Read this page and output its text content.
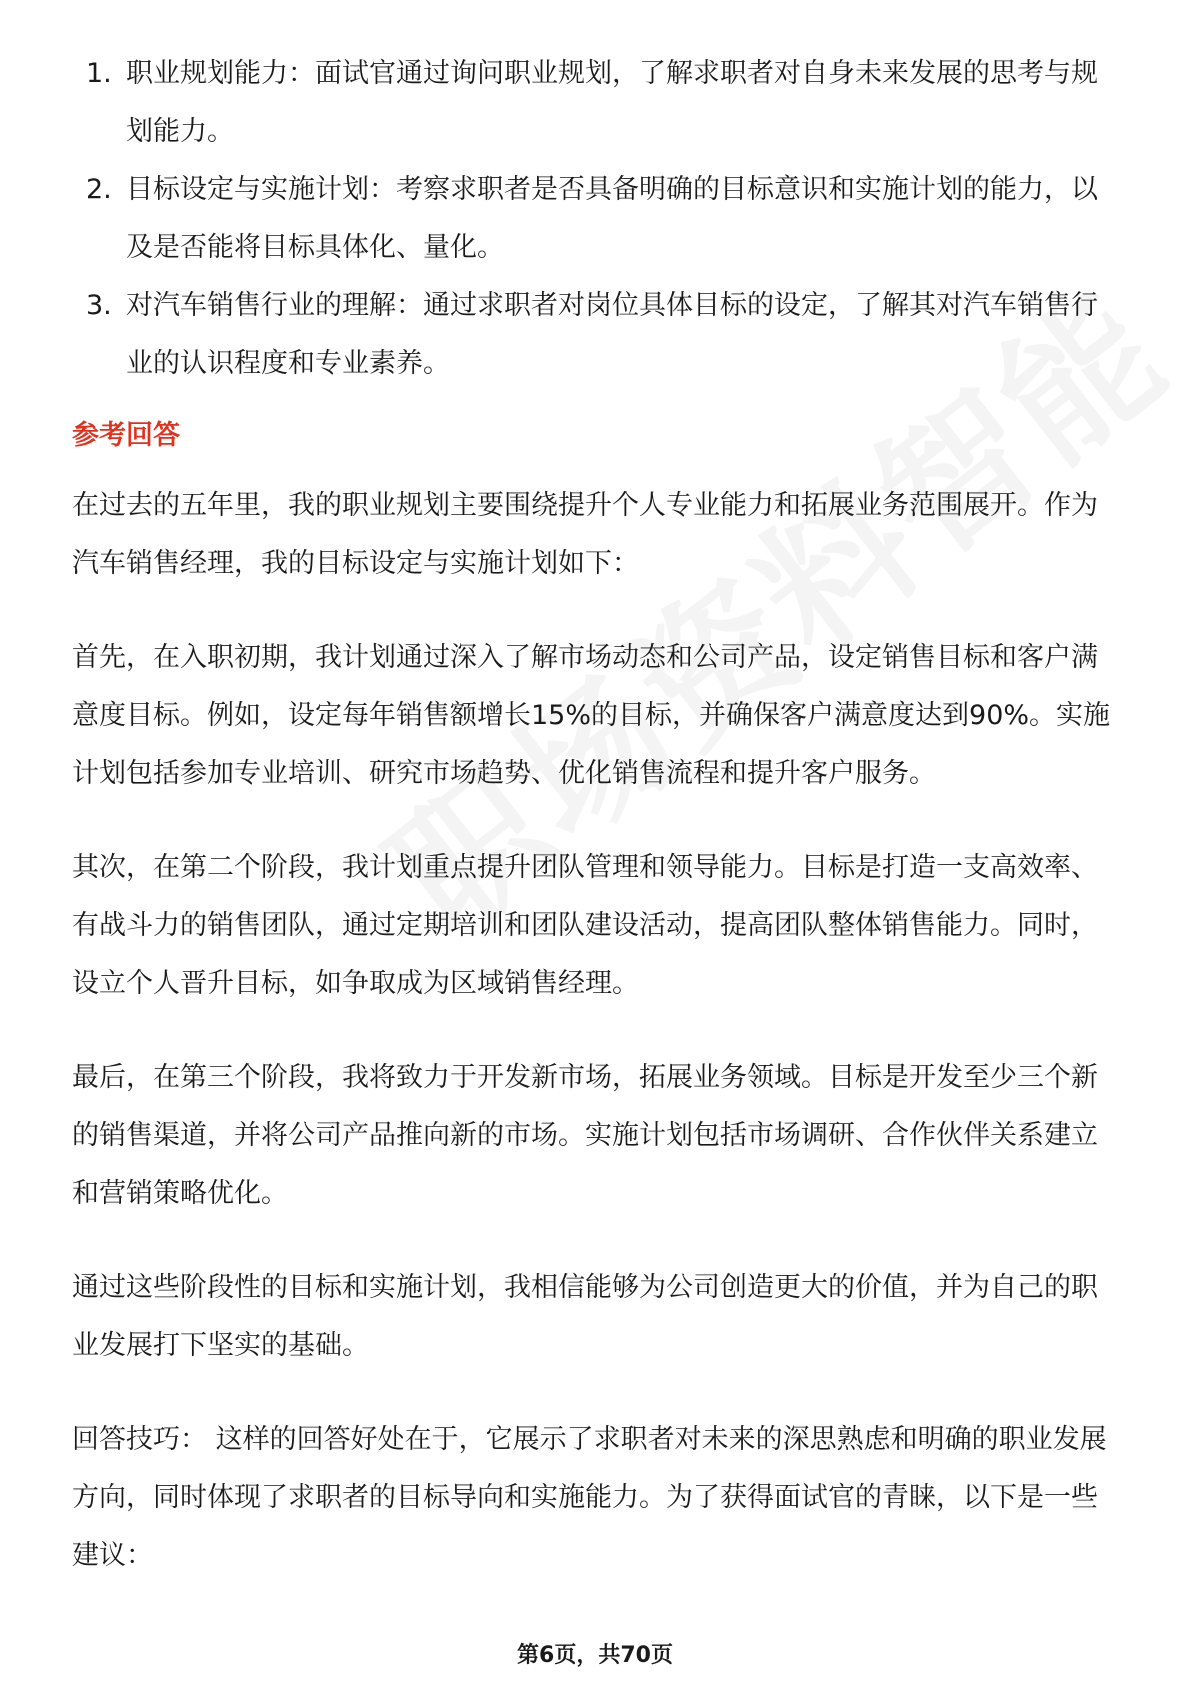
1. 职业规划能力：面试官通过询问职业规划，了解求职者对自身未来发展的思考与规划能力。
2. 目标设定与实施计划：考察求职者是否具备明确的目标意识和实施计划的能力，以及是否能将目标具体化、量化。
3. 对汽车销售行业的理解：通过求职者对岗位具体目标的设定，了解其对汽车销售行业的认识程度和专业素养。
参考回答

在过去的五年里，我的职业规划主要围绕提升个人专业能力和拓展业务范围展开。作为汽车销售经理，我的目标设定与实施计划如下：

首先，在入职初期，我计划通过深入了解市场动态和公司产品，设定销售目标和客户满意度目标。例如，设定每年销售额增长15%的目标，并确保客户满意度达到90%。实施计划包括参加专业培训、研究市场趋势、优化销售流程和提升客户服务。

其次，在第二个阶段，我计划重点提升团队管理和领导能力。目标是打造一支高效率、有战斗力的销售团队，通过定期培训和团队建设活动，提高团队整体销售能力。同时，设立个人晋升目标，如争取成为区域销售经理。

最后，在第三个阶段，我将致力于开发新市场，拓展业务领域。目标是开发至少三个新的销售渠道，并将公司产品推向新的市场。实施计划包括市场调研、合作伙伴关系建立和营销策略优化。

通过这些阶段性的目标和实施计划，我相信能够为公司创造更大的价值，并为自己的职业发展打下坚实的基础。

回答技巧： 这样的回答好处在于，它展示了求职者对未来的深思熟虑和明确的职业发展方向，同时体现了求职者的目标导向和实施能力。为了获得面试官的青睐，以下是一些建议：

第6页，共70页
